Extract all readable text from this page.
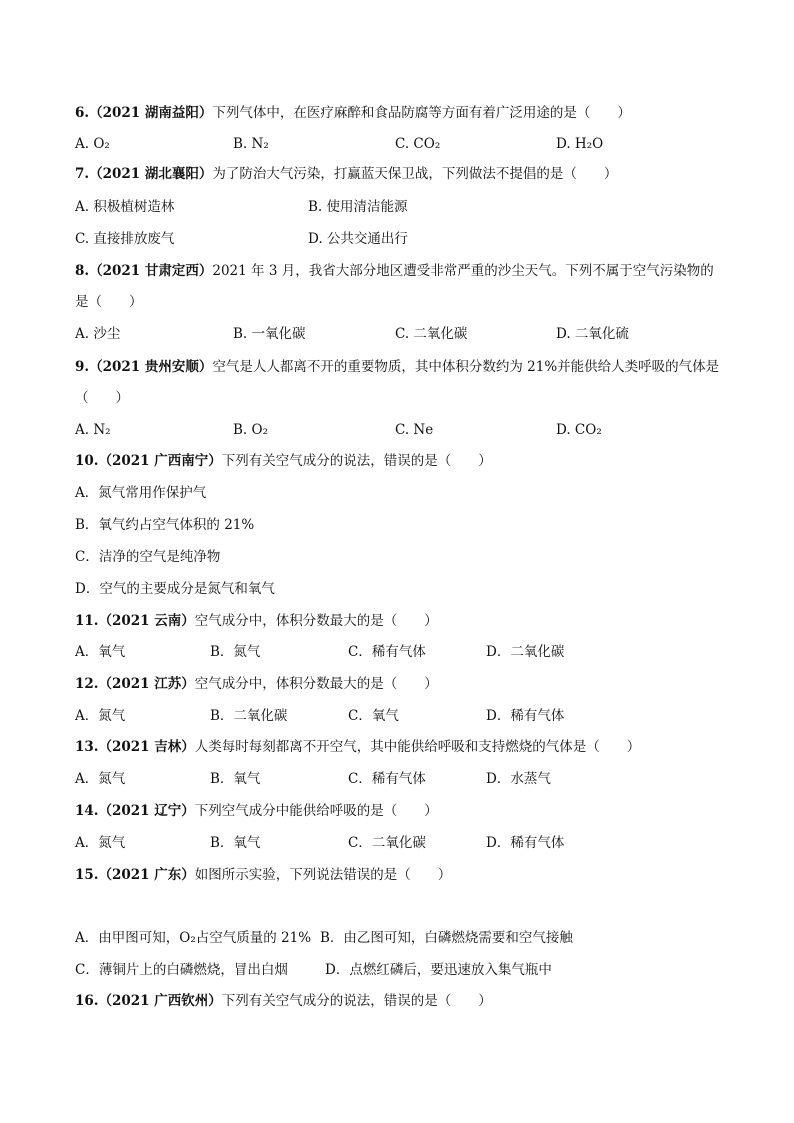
6.（2021 湖南益阳）下列气体中，在医疗麻醉和食品防腐等方面有着广泛用途的是（　　）
A. O₂	B. N₂	C. CO₂	D. H₂O
7.（2021 湖北襄阳）为了防治大气污染，打赢蓝天保卫战，下列做法不提倡的是（　　）
A. 积极植树造林	B. 使用清洁能源
C. 直接排放废气	D. 公共交通出行
8.（2021 甘肃定西）2021 年 3 月，我省大部分地区遭受非常严重的沙尘天气。下列不属于空气污染物的
是（　　）
A. 沙尘	B. 一氧化碳	C. 二氧化碳	D. 二氧化硫
9.（2021 贵州安顺）空气是人人都离不开的重要物质，其中体积分数约为 21%并能供给人类呼吸的气体是
（　　）
A. N₂	B. O₂	C. Ne	D. CO₂
10.（2021 广西南宁）下列有关空气成分的说法，错误的是（　　）
A．氮气常用作保护气
B．氧气约占空气体积的 21%
C．洁净的空气是纯净物
D．空气的主要成分是氮气和氧气
11.（2021 云南）空气成分中，体积分数最大的是（　　）
A．氧气	B．氮气	C．稀有气体	D．二氧化碳
12.（2021 江苏）空气成分中，体积分数最大的是（　　）
A．氮气	B．二氧化碳	C．氧气	D．稀有气体
13.（2021 吉林）人类每时每刻都离不开空气，其中能供给呼吸和支持燃烧的气体是（　　）
A．氮气	B．氧气	C．稀有气体	D．水蒸气
14.（2021 辽宁）下列空气成分中能供给呼吸的是（　　）
A．氮气	B．氧气	C．二氧化碳	D．稀有气体
15.（2021 广东）如图所示实验，下列说法错误的是（　　）
A．由甲图可知，O₂占空气质量的 21% B．由乙图可知，白磷燃烧需要和空气接触
C．薄铜片上的白磷燃烧，冒出白烟	D．点燃红磷后，要迅速放入集气瓶中
16.（2021 广西钦州）下列有关空气成分的说法，错误的是（　　）
